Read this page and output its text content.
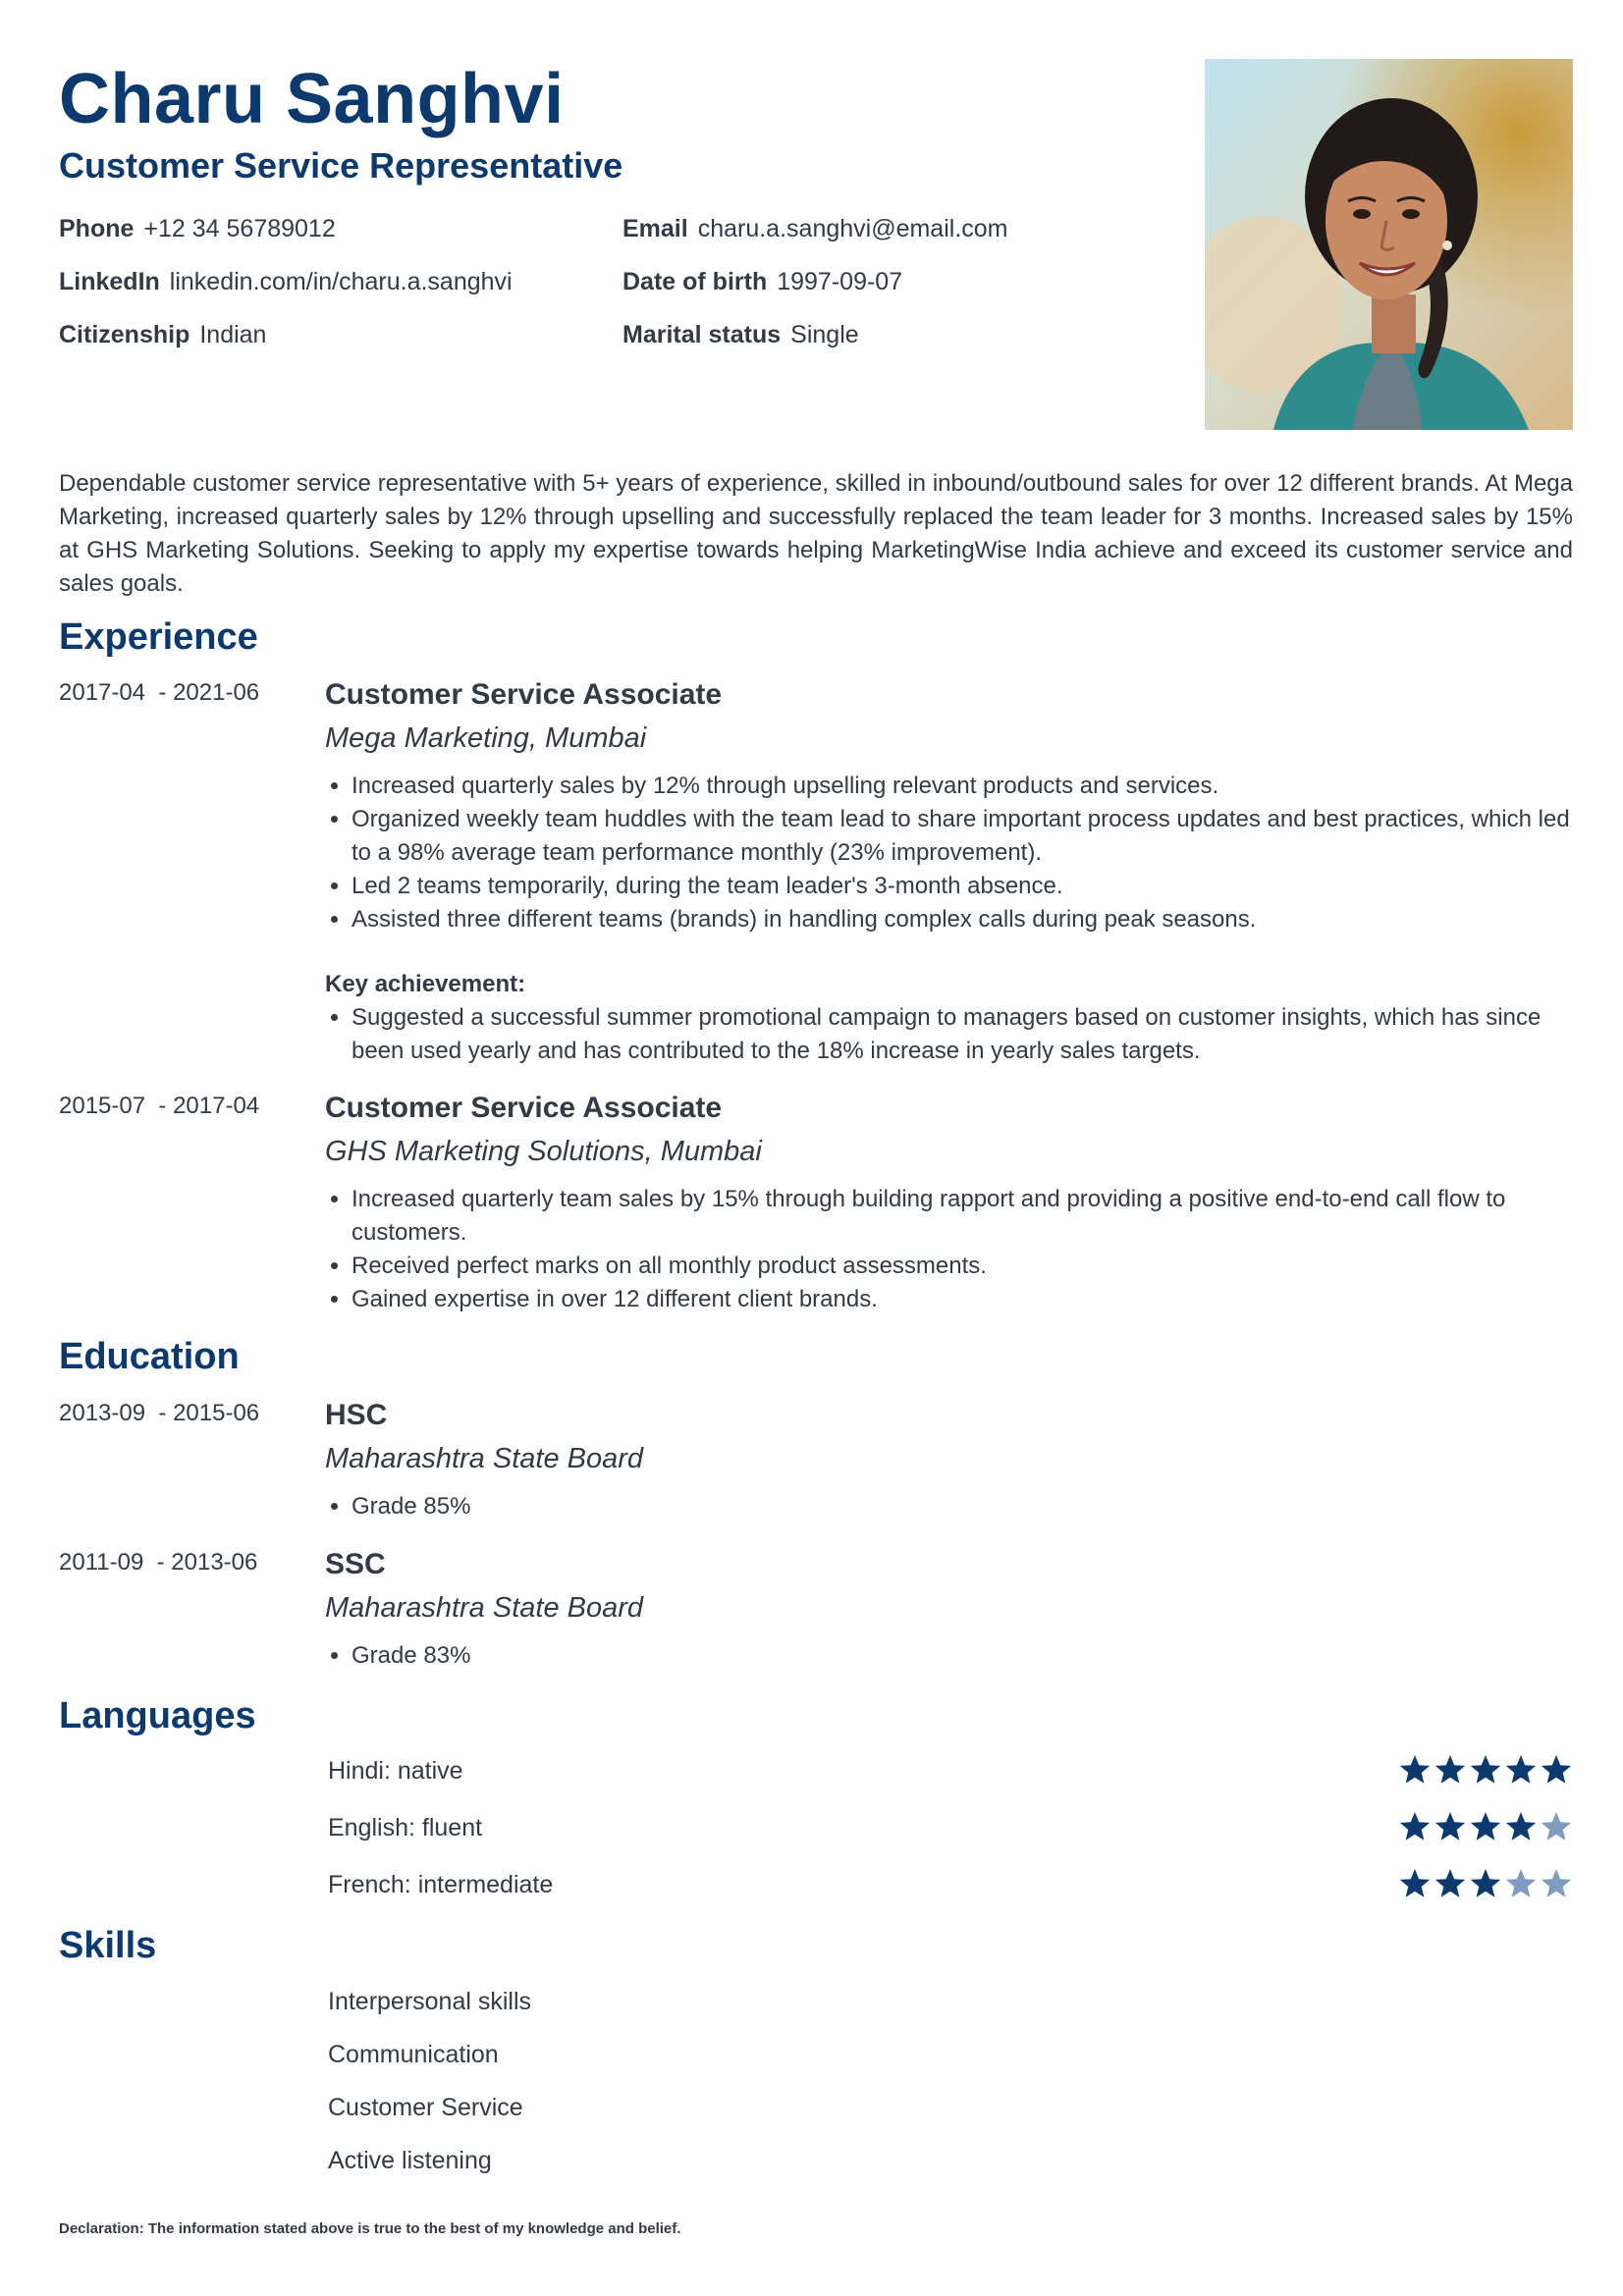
Charu Sanghvi
Customer Service Representative
Phone +12 34 56789012	Email charu.a.sanghvi@email.com
LinkedIn linkedin.com/in/charu.a.sanghvi	Date of birth 1997-09-07
Citizenship Indian	Marital status Single

Dependable customer service representative with 5+ years of experience, skilled in inbound/outbound sales for over 12 different brands. At Mega Marketing, increased quarterly sales by 12% through upselling and successfully replaced the team leader for 3 months. Increased sales by 15% at GHS Marketing Solutions. Seeking to apply my expertise towards helping MarketingWise India achieve and exceed its customer service and sales goals.

Experience
2017-04  - 2021-06 Customer Service Associate

Mega Marketing, Mumbai

• Increased quarterly sales by 12% through upselling relevant products and services.
• Organized weekly team huddles with the team lead to share important process updates and best practices, which led to a 98% average team performance monthly (23% improvement).
• Led 2 teams temporarily, during the team leader's 3-month absence.
• Assisted three different teams (brands) in handling complex calls during peak seasons.

Key achievement:

• Suggested a successful summer promotional campaign to managers based on customer insights, which has since been used yearly and has contributed to the 18% increase in yearly sales targets.
2015-07  - 2017-04 Customer Service Associate

GHS Marketing Solutions, Mumbai

• Increased quarterly team sales by 15% through building rapport and providing a positive end-to-end call flow to customers.
• Received perfect marks on all monthly product assessments.
• Gained expertise in over 12 different client brands.
Education
2013-09  - 2015-06 HSC

Maharashtra State Board

• Grade 85%
2011-09  - 2013-06 SSC

Maharashtra State Board

• Grade 83%
Languages
Hindi: native
English: fluent
French: intermediate
Skills
Interpersonal skills
Communication
Customer Service
Active listening
Declaration: The information stated above is true to the best of my knowledge and belief.
